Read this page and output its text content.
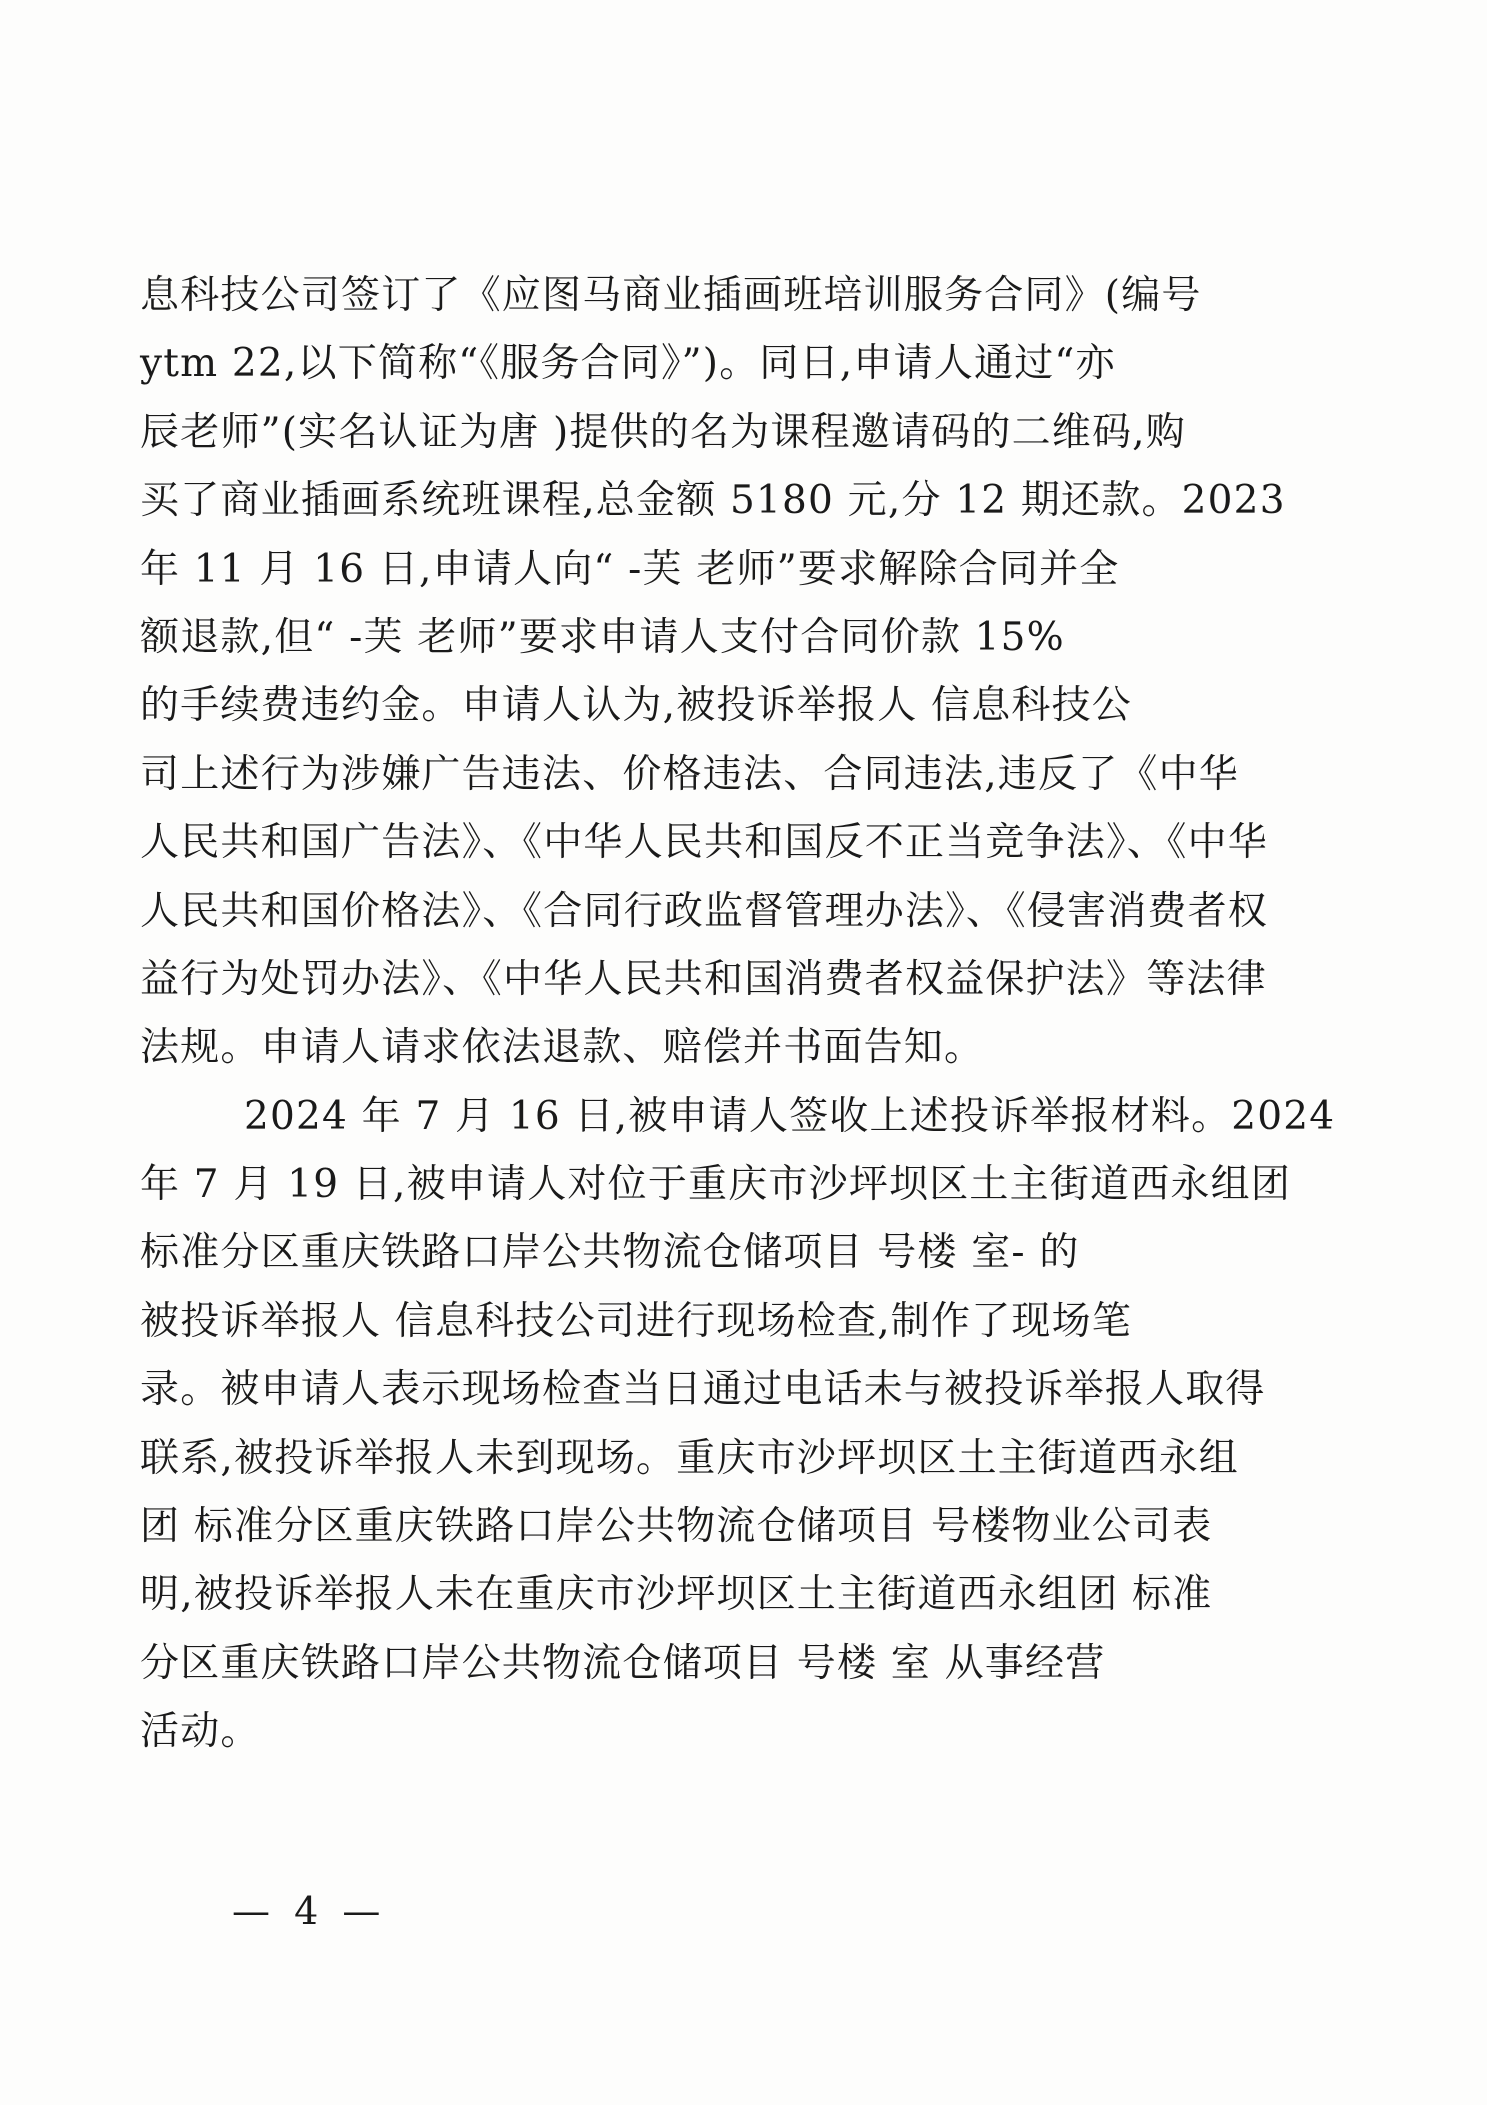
息科技公司签订了《应图马商业插画班培训服务合同》(编号
ytm 22,以下简称“《服务合同》”)。同日,申请人通过“亦
辰老师”(实名认证为唐 )提供的名为课程邀请码的二维码,购
买了商业插画系统班课程,总金额 5180 元,分 12 期还款。2023
年 11 月 16 日,申请人向“ -芙 老师”要求解除合同并全
额退款,但“ -芙 老师”要求申请人支付合同价款 15%
的手续费违约金。申请人认为,被投诉举报人 信息科技公
司上述行为涉嫌广告违法、价格违法、合同违法,违反了《中华
人民共和国广告法》、《中华人民共和国反不正当竞争法》、《中华
人民共和国价格法》、《合同行政监督管理办法》、《侵害消费者权
益行为处罚办法》、《中华人民共和国消费者权益保护法》等法律
法规。申请人请求依法退款、赔偿并书面告知。
2024 年 7 月 16 日,被申请人签收上述投诉举报材料。2024
年 7 月 19 日,被申请人对位于重庆市沙坪坝区土主街道西永组团
标准分区重庆铁路口岸公共物流仓储项目 号楼 室- 的
被投诉举报人 信息科技公司进行现场检查,制作了现场笔
录。被申请人表示现场检查当日通过电话未与被投诉举报人取得
联系,被投诉举报人未到现场。重庆市沙坪坝区土主街道西永组
团 标准分区重庆铁路口岸公共物流仓储项目 号楼物业公司表
明,被投诉举报人未在重庆市沙坪坝区土主街道西永组团 标准
分区重庆铁路口岸公共物流仓储项目 号楼 室 从事经营
活动。
— 4 —
